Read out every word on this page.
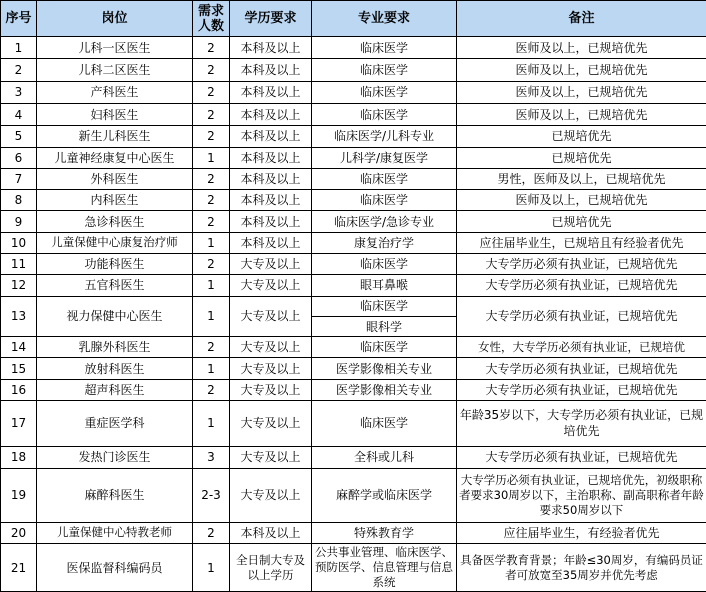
序号	岗位	需求人数	学历要求	专业要求	备注
1	儿科一区医生	2	本科及以上	临床医学	医师及以上，已规培优先
2	儿科二区医生	2	本科及以上	临床医学	医师及以上，已规培优先
3	产科医生	2	本科及以上	临床医学	医师及以上，已规培优先
4	妇科医生	2	本科及以上	临床医学	医师及以上，已规培优先
5	新生儿科医生	2	本科及以上	临床医学/儿科专业	已规培优先
6	儿童神经康复中心医生	1	本科及以上	儿科学/康复医学	已规培优先
7	外科医生	2	本科及以上	临床医学	男性，医师及以上，已规培优先
8	内科医生	2	本科及以上	临床医学	医师及以上，已规培优先
9	急诊科医生	2	本科及以上	临床医学/急诊专业	已规培优先
10	儿童保健中心康复治疗师	1	本科及以上	康复治疗学	应往届毕业生，已规培且有经验者优先
11	功能科医生	2	大专及以上	临床医学	大专学历必须有执业证，已规培优先
12	五官科医生	1	大专及以上	眼耳鼻喉	大专学历必须有执业证，已规培优先
13	视力保健中心医生	1	大专及以上	临床医学	大专学历必须有执业证，已规培优先
				眼科学	
14	乳腺外科医生	2	大专及以上	临床医学	女性，大专学历必须有执业证，已规培优
15	放射科医生	1	大专及以上	医学影像相关专业	大专学历必须有执业证，已规培优先
16	超声科医生	2	大专及以上	医学影像相关专业	大专学历必须有执业证，已规培优先
17	重症医学科	1	大专及以上	临床医学	年龄35岁以下，大专学历必须有执业证，已规培优先
18	发热门诊医生	3	大专及以上	全科或儿科	大专学历必须有执业证，已规培优先
19	麻醉科医生	2-3	大专及以上	麻醉学或临床医学	大专学历必须有执业证，已规培优先，初级职称者要求30周岁以下，主治职称、副高职称者年龄要求50周岁以下
20	儿童保健中心特教老师	2	本科及以上	特殊教育学	应往届毕业生，有经验者优先
21	医保监督科编码员	1	全日制大专及以上学历	公共事业管理、临床医学、预防医学、信息管理与信息系统	具备医学教育背景；年龄≤30周岁，有编码员证者可放宽至35周岁并优先考虑
